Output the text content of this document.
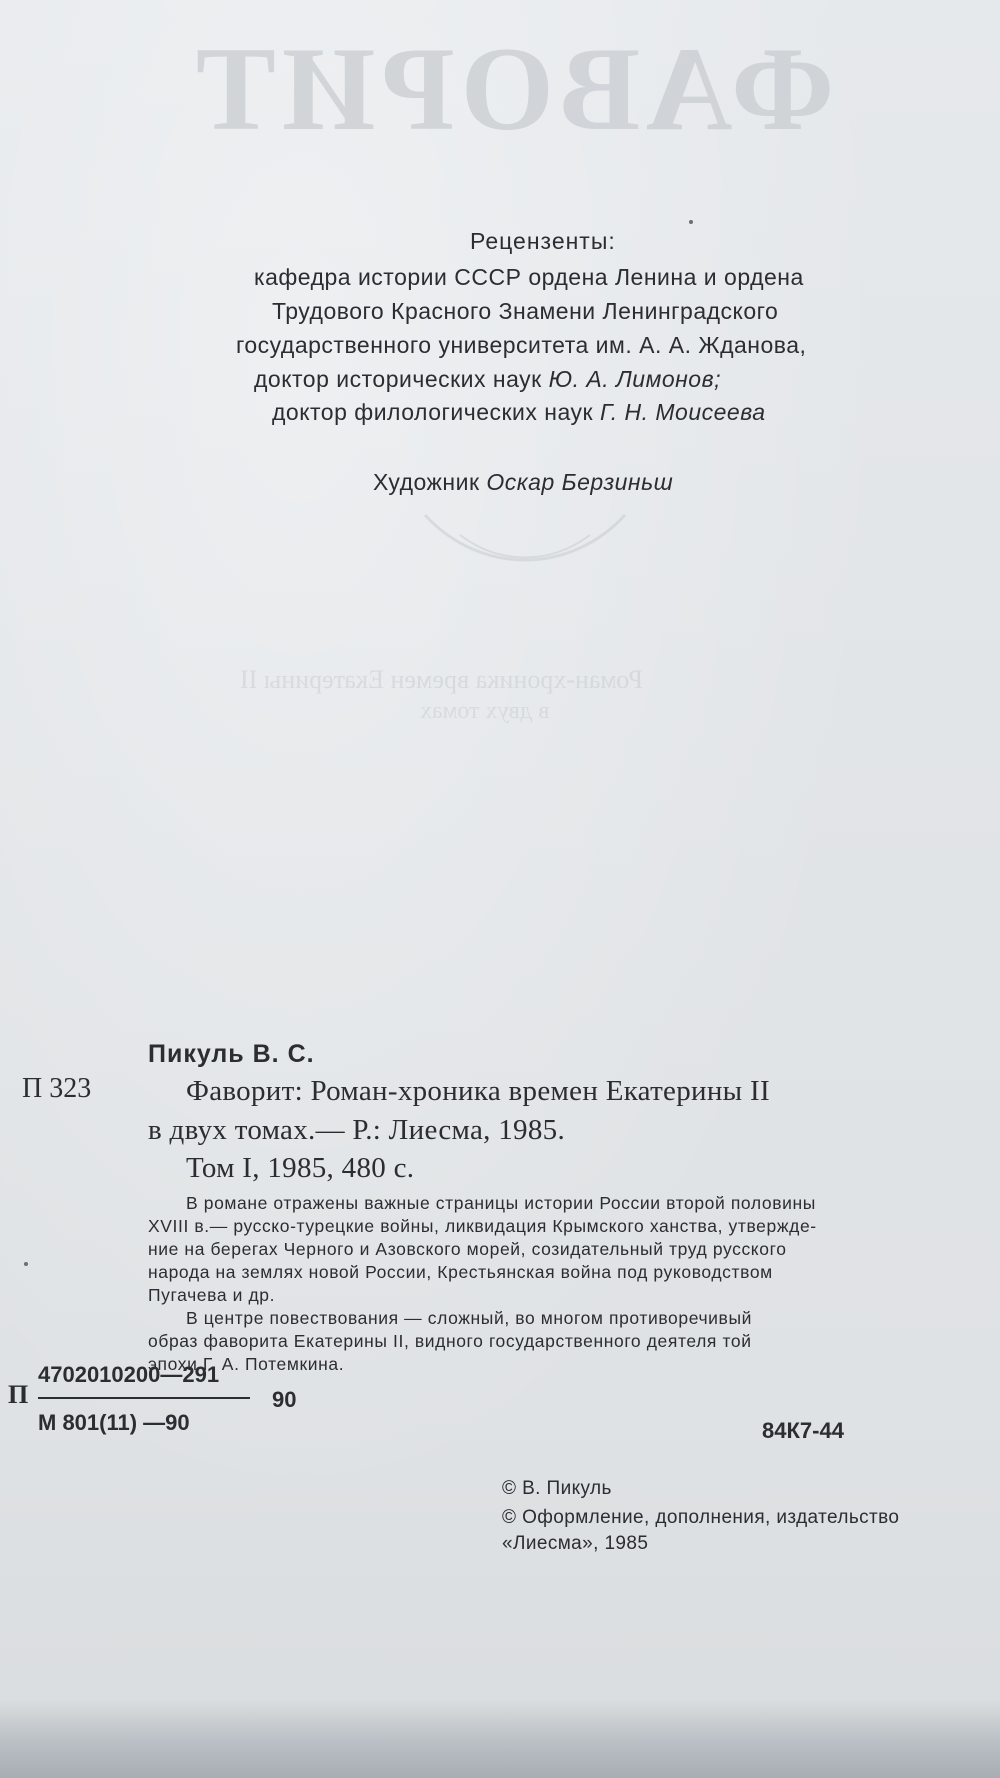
ФАВОРИТ
Роман-хроника времен Екатерины II
в двух томах
Рецензенты:
кафедра истории СССР ордена Ленина и ордена
Трудового Красного Знамени Ленинградского
государственного университета им. А. А. Жданова,
доктор исторических наук Ю. А. Лимонов;
доктор филологических наук Г. Н. Моисеева
Художник Оскар Берзиньш
Пикуль В. С.
П 323	Фаворит: Роман-хроника времен Екатерины II
в двух томах.— Р.: Лиесма, 1985.
Том I, 1985, 480 с.
В романе отражены важные страницы истории России второй половины
XVIII в.— русско-турецкие войны, ликвидация Крымского ханства, утвержде-
ние на берегах Черного и Азовского морей, созидательный труд русского
народа на землях новой России, Крестьянская война под руководством
Пугачева и др.
В центре повествования — сложный, во многом противоречивый
образ фаворита Екатерины II, видного государственного деятеля той
эпохи Г. А. Потемкина.
П
4702010200—291
М 801(11) —90
90
84К7-44
© В. Пикуль
© Оформление, дополнения, издательство
«Лиесма», 1985
